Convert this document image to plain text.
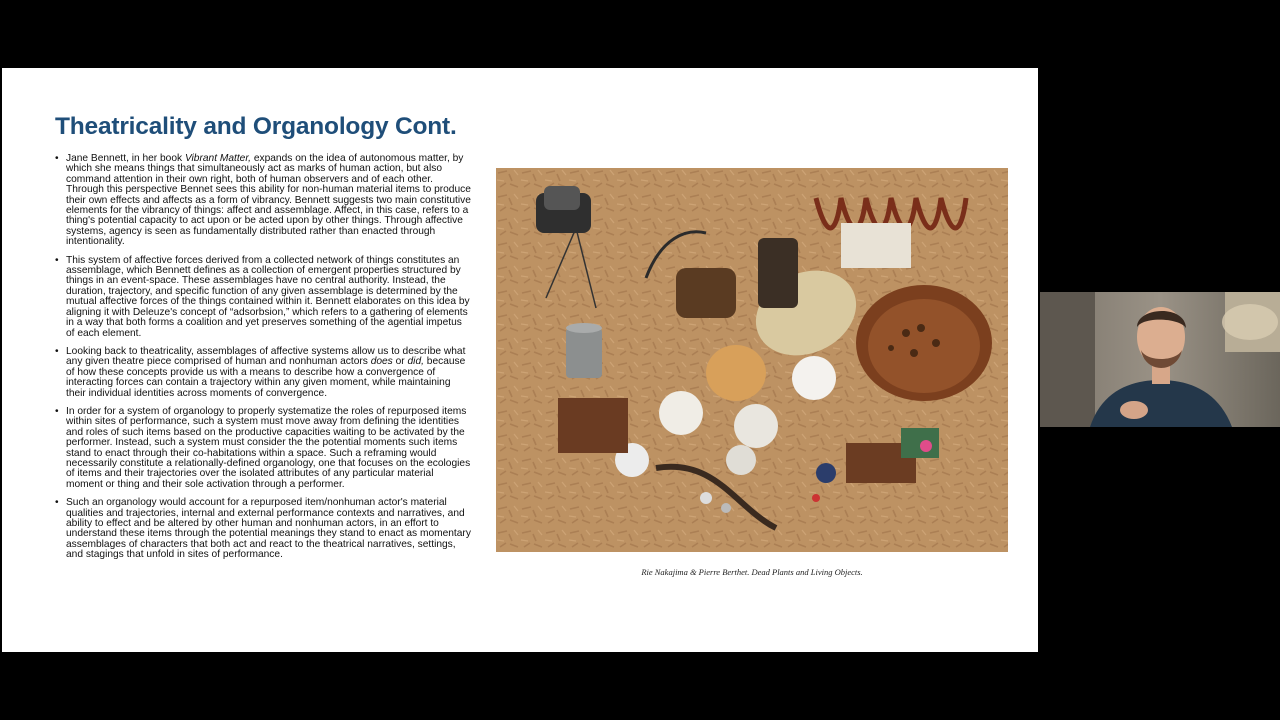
Theatricality and Organology Cont.
• Jane Bennett, in her book Vibrant Matter, expands on the idea of autonomous matter, by which she means things that simultaneously act as marks of human action, but also command attention in their own right, both of human observers and of each other. Through this perspective Bennet sees this ability for non-human material items to produce their own effects and affects as a form of vibrancy. Bennett suggests two main constitutive elements for the vibrancy of things: affect and assemblage. Affect, in this case, refers to a thing's potential capacity to act upon or be acted upon by other things. Through affective systems, agency is seen as fundamentally distributed rather than enacted through intentionality.
• This system of affective forces derived from a collected network of things constitutes an assemblage, which Bennett defines as a collection of emergent properties structured by things in an event-space. These assemblages have no central authority. Instead, the duration, trajectory, and specific function of any given assemblage is determined by the mutual affective forces of the things contained within it. Bennett elaborates on this idea by aligning it with Deleuze's concept of “adsorbsion,” which refers to a gathering of elements in a way that both forms a coalition and yet preserves something of the agential impetus of each element.
• Looking back to theatricality, assemblages of affective systems allow us to describe what any given theatre piece comprised of human and nonhuman actors does or did, because of how these concepts provide us with a means to describe how a convergence of interacting forces can contain a trajectory within any given moment, while maintaining their individual identities across moments of convergence.
• In order for a system of organology to properly systematize the roles of repurposed items within sites of performance, such a system must move away from defining the identities and roles of such items based on the productive capacities waiting to be activated by the performer. Instead, such a system must consider the the potential moments such items stand to enact through their co-habitations within a space. Such a reframing would necessarily constitute a relationally-defined organology, one that focuses on the ecologies of items and their trajectories over the isolated attributes of any particular material moment or thing and their sole activation through a performer.
• Such an organology would account for a repurposed item/nonhuman actor's material qualities and trajectories, internal and external performance contexts and narratives, and ability to effect and be altered by other human and nonhuman actors, in an effort to understand these items through the potential meanings they stand to enact as momentary assemblages of characters that both act and react to the theatrical narratives, settings, and stagings that unfold in sites of performance.

Rie Nakajima & Pierre Berthet. Dead Plants and Living Objects.
